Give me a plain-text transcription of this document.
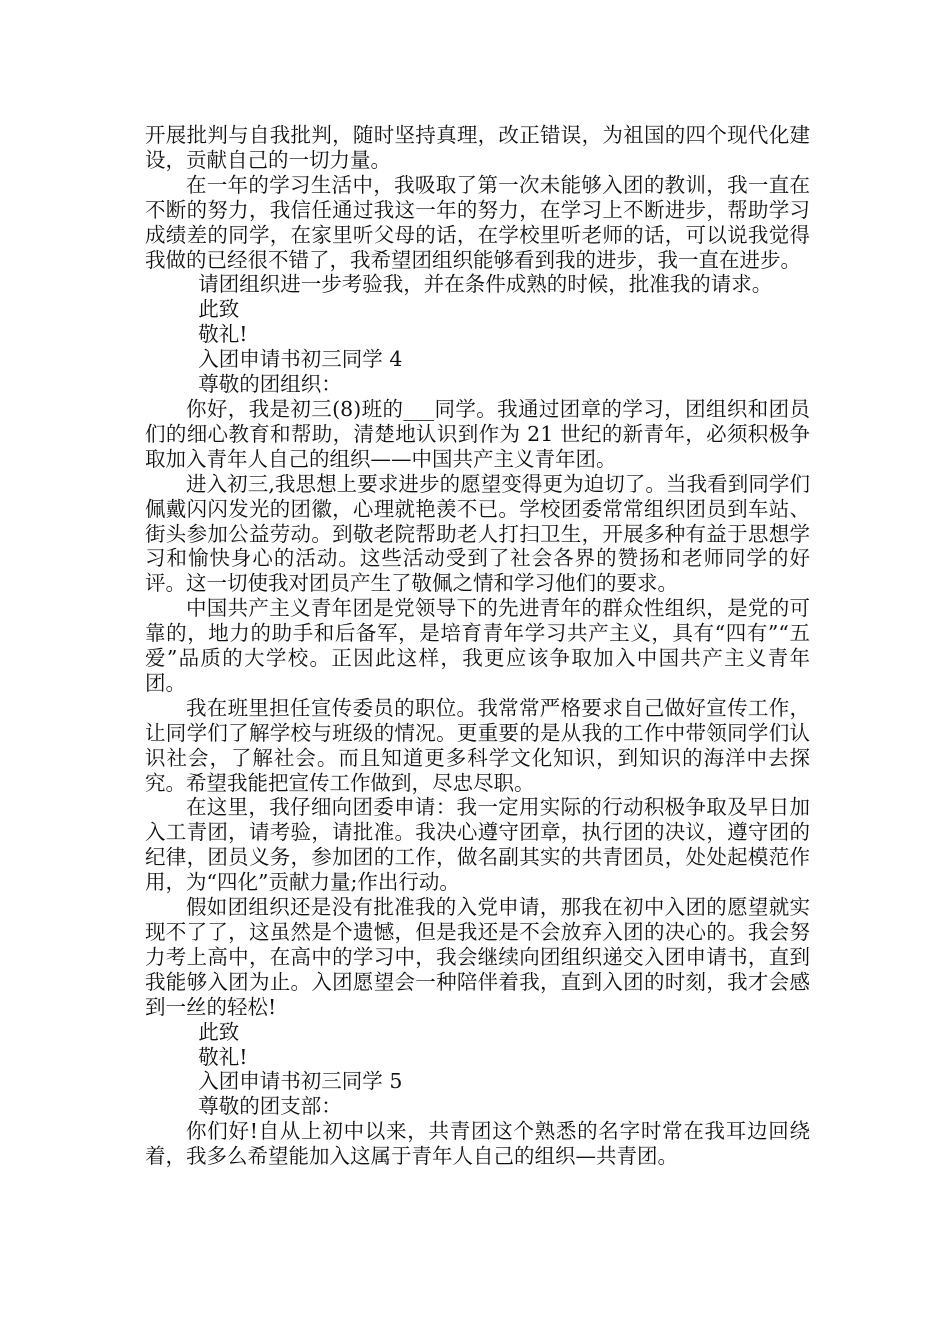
开展批判与自我批判，随时坚持真理，改正错误，为祖国的四个现代化建设，贡献自己的一切力量。

在一年的学习生活中，我吸取了第一次未能够入团的教训，我一直在不断的努力，我信任通过我这一年的努力，在学习上不断进步，帮助学习成绩差的同学，在家里听父母的话，在学校里听老师的话，可以说我觉得我做的已经很不错了，我希望团组织能够看到我的进步，我一直在进步。

请团组织进一步考验我，并在条件成熟的时候，批准我的请求。

此致

敬礼!

入团申请书初三同学 4

尊敬的团组织：

你好，我是初三(8)班的___同学。我通过团章的学习，团组织和团员们的细心教育和帮助，清楚地认识到作为 21 世纪的新青年，必须积极争取加入青年人自己的组织——中国共产主义青年团。

进入初三,我思想上要求进步的愿望变得更为迫切了。当我看到同学们佩戴闪闪发光的团徽，心理就艳羡不已。学校团委常常组织团员到车站、街头参加公益劳动。到敬老院帮助老人打扫卫生，开展多种有益于思想学习和愉快身心的活动。这些活动受到了社会各界的赞扬和老师同学的好评。这一切使我对团员产生了敬佩之情和学习他们的要求。

中国共产主义青年团是党领导下的先进青年的群众性组织，是党的可靠的，地力的助手和后备军，是培育青年学习共产主义，具有“四有”“五爱”品质的大学校。正因此这样，我更应该争取加入中国共产主义青年团。

我在班里担任宣传委员的职位。我常常严格要求自己做好宣传工作，让同学们了解学校与班级的情况。更重要的是从我的工作中带领同学们认识社会，了解社会。而且知道更多科学文化知识，到知识的海洋中去探究。希望我能把宣传工作做到，尽忠尽职。

在这里，我仔细向团委申请：我一定用实际的行动积极争取及早日加入工青团，请考验，请批准。我决心遵守团章，执行团的决议，遵守团的纪律，团员义务，参加团的工作，做名副其实的共青团员，处处起模范作用，为“四化”贡献力量;作出行动。

假如团组织还是没有批准我的入党申请，那我在初中入团的愿望就实现不了了，这虽然是个遗憾，但是我还是不会放弃入团的决心的。我会努力考上高中，在高中的学习中，我会继续向团组织递交入团申请书，直到我能够入团为止。入团愿望会一种陪伴着我，直到入团的时刻，我才会感到一丝的轻松!

此致

敬礼!

入团申请书初三同学 5

尊敬的团支部：

你们好!自从上初中以来，共青团这个熟悉的名字时常在我耳边回绕着，我多么希望能加入这属于青年人自己的组织—共青团。
